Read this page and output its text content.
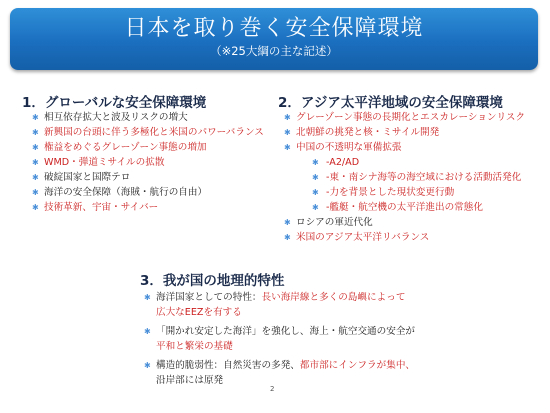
日本を取り巻く安全保障環境
（※25大綱の主な記述）
1．グローバルな安全保障環境
✱ 相互依存拡大と波及リスクの増大
✱ 新興国の台頭に伴う多極化と米国のパワーバランス
✱ 権益をめぐるグレーゾーン事態の増加
✱ WMD・弾道ミサイルの拡散
✱ 破綻国家と国際テロ
✱ 海洋の安全保障（海賊・航行の自由）
✱ 技術革新、宇宙・サイバー
2．アジア太平洋地域の安全保障環境
✱ グレーゾーン事態の長期化とエスカレーションリスク
✱ 北朝鮮の挑発と核・ミサイル開発
✱ 中国の不透明な軍備拡張
✱ -A2/AD
✱ -東・南シナ海等の海空域における活動活発化
✱ -力を背景とした現状変更行動
✱ -艦艇・航空機の太平洋進出の常態化
✱ ロシアの軍近代化
✱ 米国のアジア太平洋リバランス
3．我が国の地理的特性
✱ 海洋国家としての特性：長い海岸線と多くの島嶼によって
広大なEEZを有する
✱ 「開かれ安定した海洋」を強化し、海上・航空交通の安全が
平和と繁栄の基礎
✱ 構造的脆弱性：自然災害の多発、都市部にインフラが集中、
沿岸部には原発
2
